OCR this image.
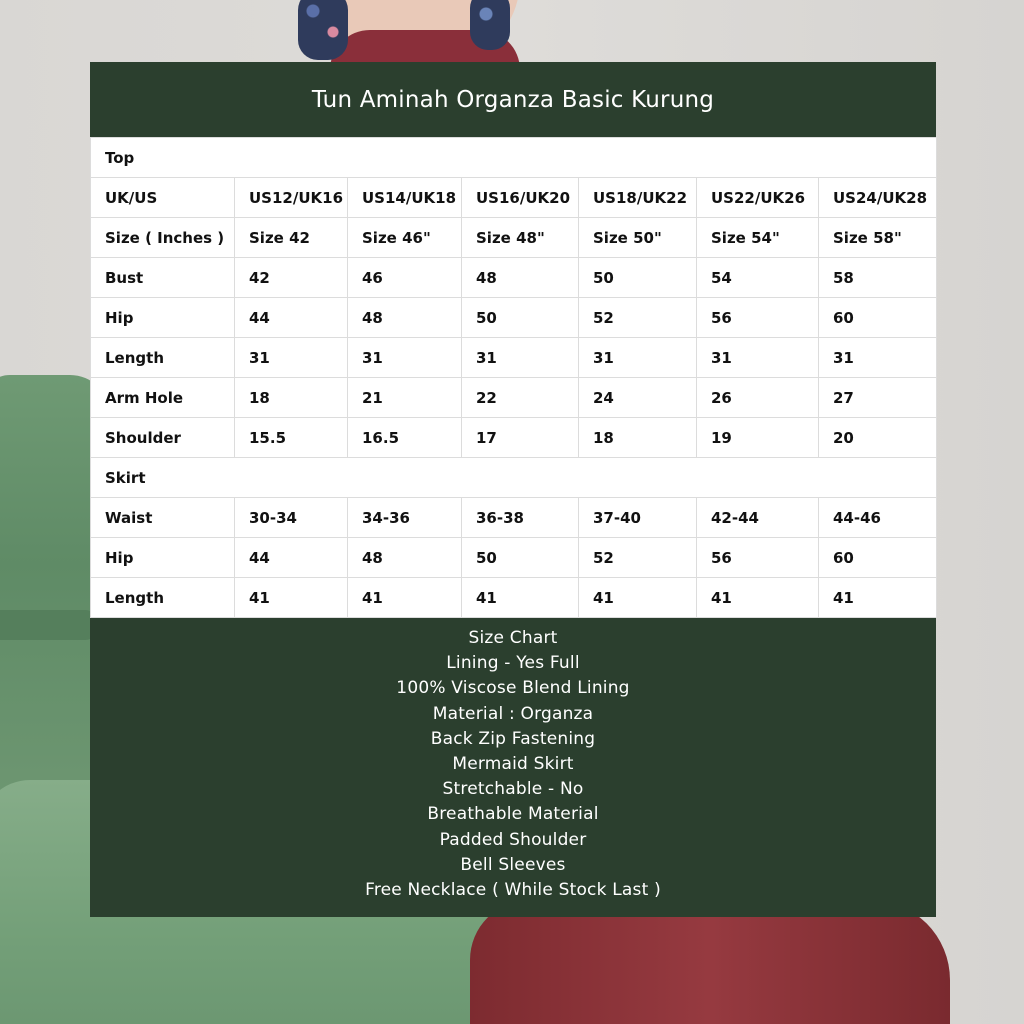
Tun Aminah Organza Basic Kurung
Top						
UK/US	US12/UK16	US14/UK18	US16/UK20	US18/UK22	US22/UK26	US24/UK28
Size ( Inches )	Size 42	Size 46"	Size 48"	Size 50"	Size 54"	Size 58"
Bust	42	46	48	50	54	58
Hip	44	48	50	52	56	60
Length	31	31	31	31	31	31
Arm Hole	18	21	22	24	26	27
Shoulder	15.5	16.5	17	18	19	20
Skirt						
Waist	30-34	34-36	36-38	37-40	42-44	44-46
Hip	44	48	50	52	56	60
Length	41	41	41	41	41	41
Size Chart
Lining - Yes Full
100% Viscose Blend Lining
Material : Organza
Back Zip Fastening
Mermaid Skirt
Stretchable - No
Breathable Material
Padded Shoulder
Bell Sleeves
Free Necklace ( While Stock Last )
